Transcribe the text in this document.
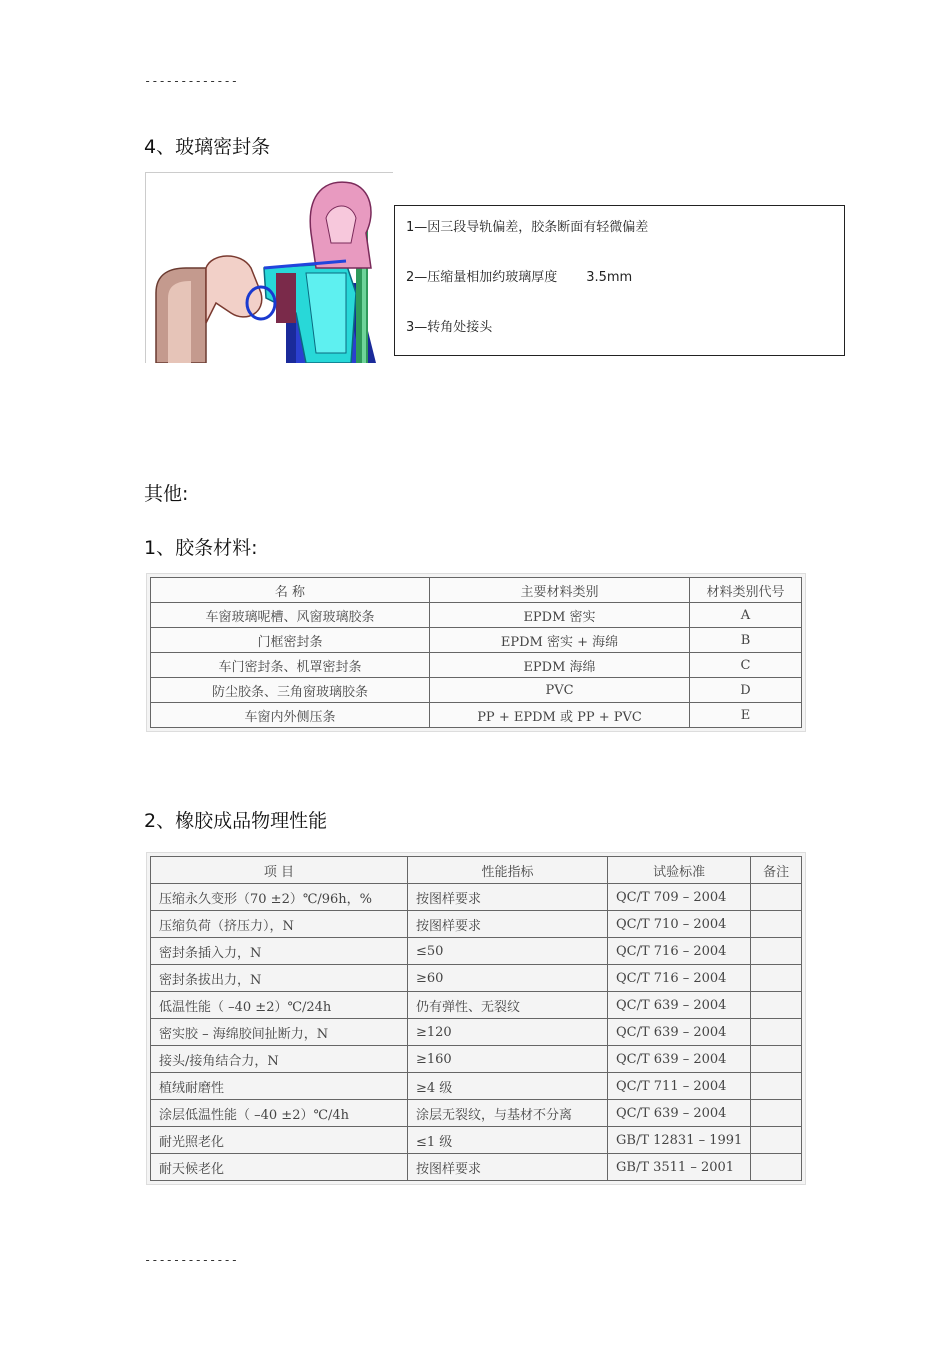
-------------
4、玻璃密封条
1—因三段导轨偏差，胶条断面有轻微偏差
2—压缩量相加约玻璃厚度       3.5mm
3—转角处接头
其他:
1、胶条材料:
名 称	主要材料类别	材料类别代号
车窗玻璃呢槽、风窗玻璃胶条	EPDM 密实	A
门框密封条	EPDM 密实 + 海绵	B
车门密封条、机罩密封条	EPDM 海绵	C
防尘胶条、三角窗玻璃胶条	PVC	D
车窗内外侧压条	PP + EPDM 或 PP + PVC	E
2、橡胶成品物理性能
项 目	性能指标	试验标准	备注
压缩永久变形（70 ±2）℃/96h，%	按图样要求	QC/T 709 – 2004	
压缩负荷（挤压力），N	按图样要求	QC/T 710 – 2004	
密封条插入力，N	≤50	QC/T 716 – 2004	
密封条拔出力，N	≥60	QC/T 716 – 2004	
低温性能（ –40 ±2）℃/24h	仍有弹性、无裂纹	QC/T 639 – 2004	
密实胶 – 海绵胶间扯断力，N	≥120	QC/T 639 – 2004	
接头/接角结合力，N	≥160	QC/T 639 – 2004	
植绒耐磨性	≥4 级	QC/T 711 – 2004	
涂层低温性能（ –40 ±2）℃/4h	涂层无裂纹，与基材不分离	QC/T 639 – 2004	
耐光照老化	≤1 级	GB/T 12831 – 1991	
耐天候老化	按图样要求	GB/T 3511 – 2001	
-------------
